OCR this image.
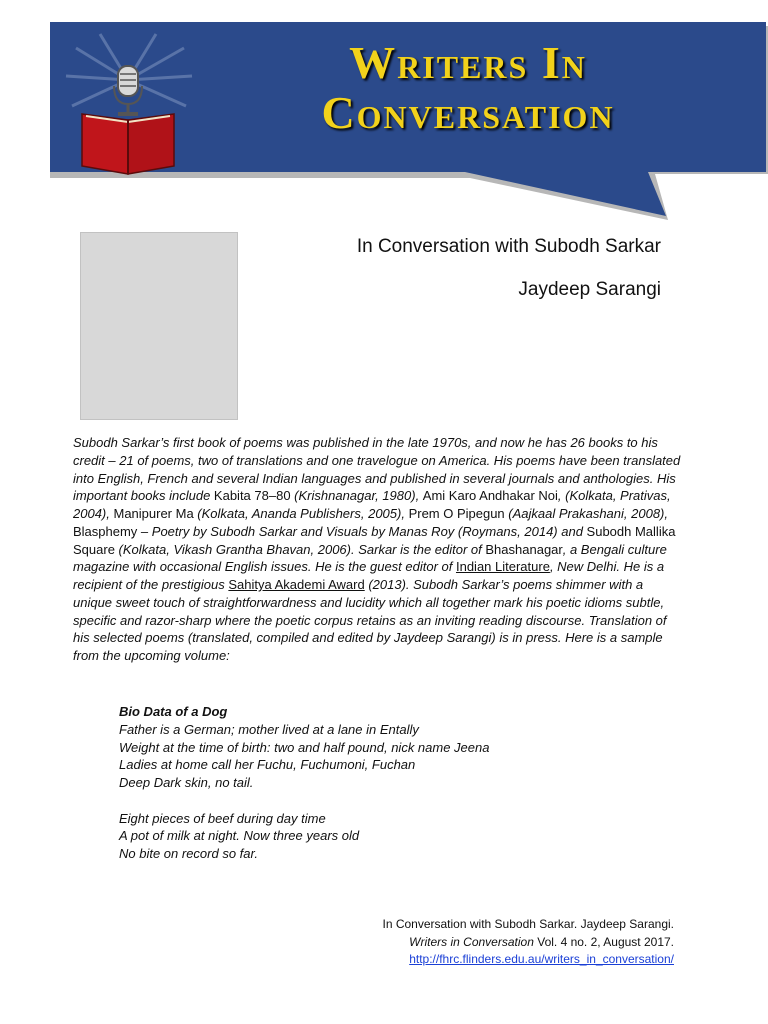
Writers In
Conversation
In Conversation with Subodh Sarkar
Jaydeep Sarangi
Subodh Sarkar’s first book of poems was published in the late 1970s, and now he has 26 books to his credit – 21 of poems, two of translations and one travelogue on America. His poems have been translated into English, French and several Indian languages and published in several journals and anthologies. His important books include Kabita 78–80 (Krishnanagar, 1980), Ami Karo Andhakar Noi, (Kolkata, Prativas, 2004), Manipurer Ma (Kolkata, Ananda Publishers, 2005), Prem O Pipegun (Aajkaal Prakashani, 2008), Blasphemy – Poetry by Subodh Sarkar and Visuals by Manas Roy (Roymans, 2014) and Subodh Mallika Square (Kolkata, Vikash Grantha Bhavan, 2006). Sarkar is the editor of Bhashanagar, a Bengali culture magazine with occasional English issues. He is the guest editor of Indian Literature, New Delhi. He is a recipient of the prestigious Sahitya Akademi Award (2013). Subodh Sarkar’s poems shimmer with a unique sweet touch of straightforwardness and lucidity which all together mark his poetic idioms subtle, specific and razor-sharp where the poetic corpus retains as an inviting reading discourse. Translation of his selected poems (translated, compiled and edited by Jaydeep Sarangi) is in press. Here is a sample from the upcoming volume:
Bio Data of a Dog
Father is a German; mother lived at a lane in Entally
Weight at the time of birth: two and half pound, nick name Jeena
Ladies at home call her Fuchu, Fuchumoni, Fuchan
Deep Dark skin, no tail.
Eight pieces of beef during day time
A pot of milk at night. Now three years old
No bite on record so far.
In Conversation with Subodh Sarkar. Jaydeep Sarangi.
Writers in Conversation Vol. 4 no. 2, August 2017.
http://fhrc.flinders.edu.au/writers_in_conversation/
